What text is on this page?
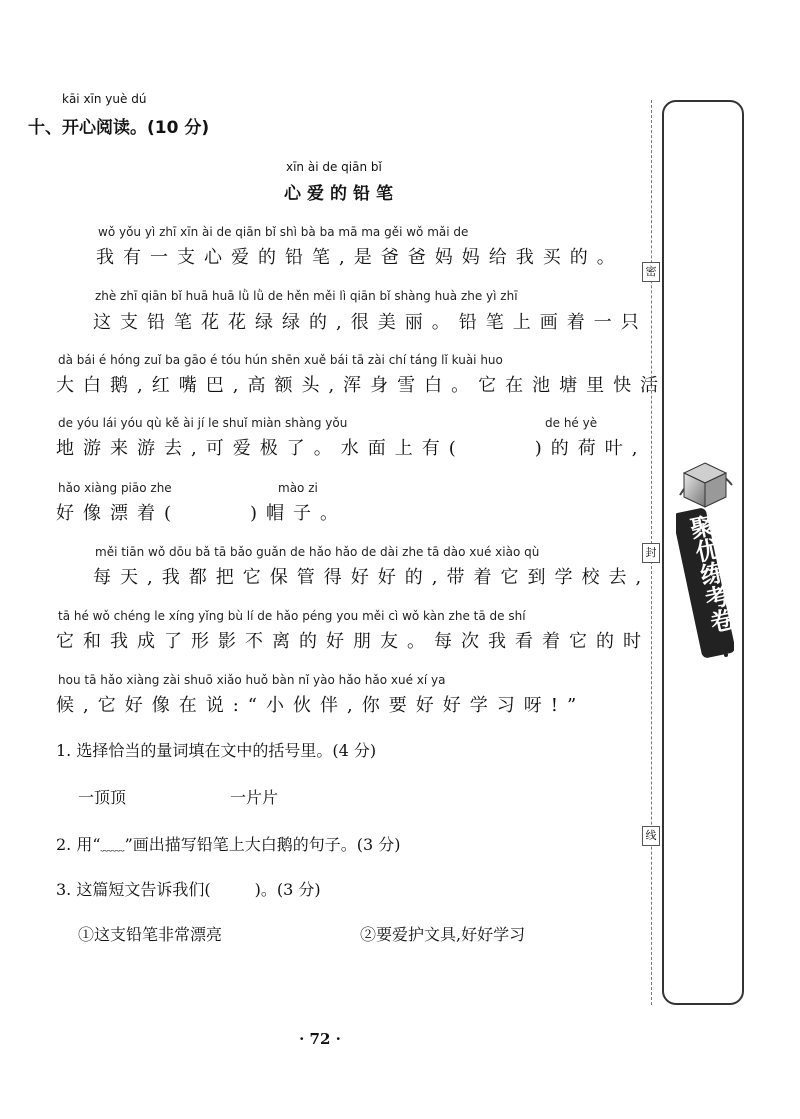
kāi xīn yuè dú
十、开心阅读。(10 分)
xīn ài de qiān bǐ
心爱的铅笔
wǒ yǒu yì zhī xīn ài de qiān bǐ shì bà ba mā ma gěi wǒ mǎi de
我有一支心爱的铅笔,是爸爸妈妈给我买的。
zhè zhī qiān bǐ huā huā lǜ lǜ de hěn měi lì qiān bǐ shàng huà zhe yì zhī
这支铅笔花花绿绿的,很美丽。铅笔上画着一只
dà bái é hóng zuǐ ba gāo é tóu hún shēn xuě bái tā zài chí táng lǐ kuài huo
大白鹅,红嘴巴,高额头,浑身雪白。它在池塘里快活
de yóu lái yóu qù kě ài jí le shuǐ miàn shàng yǒu	de hé yè
地游来游去,可爱极了。水面上有(	)的荷叶,
hǎo xiàng piāo zhe	mào zi
好像漂着(	)帽子。
měi tiān wǒ dōu bǎ tā bǎo guǎn de hǎo hǎo de dài zhe tā dào xué xiào qù
每天,我都把它保管得好好的,带着它到学校去,
tā hé wǒ chéng le xíng yǐng bù lí de hǎo péng you měi cì wǒ kàn zhe tā de shí
它和我成了形影不离的好朋友。每次我看着它的时
hou tā hǎo xiàng zài shuō xiǎo huǒ bàn nǐ yào hǎo hǎo xué xí ya
候,它好像在说:“小伙伴,你要好好学习呀!”
1. 选择恰当的量词填在文中的括号里。(4 分)
一顶顶	一片片
2. 用“﹏﹏”画出描写铅笔上大白鹅的句子。(3 分)
3. 这篇短文告诉我们(	)。(3 分)
①这支铅笔非常漂亮	②要爱护文具,好好学习
密
封
线
聚优练考卷
· 72 ·
